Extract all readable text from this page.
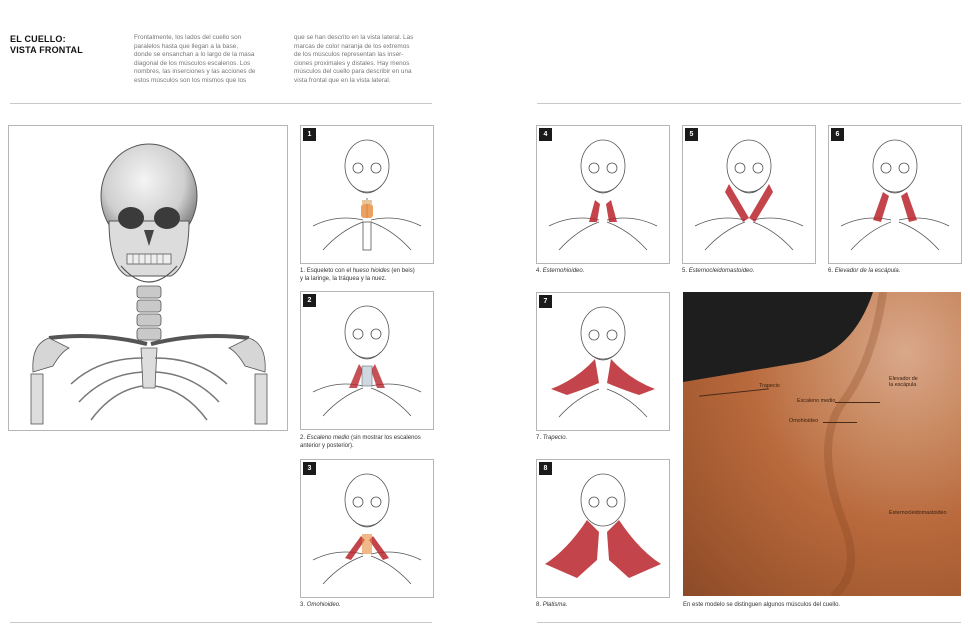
EL CUELLO:
VISTA FRONTAL
Frontalmente, los lados del cuello son
paralelos hasta que llegan a la base,
donde se ensanchan a lo largo de la masa
diagonal de los músculos escalenos. Los
nombres, las inserciones y las acciones de
estos músculos son los mismos que los
que se han descrito en la vista lateral. Las
marcas de color naranja de los extremos
de los músculos representan las inser-
ciones proximales y distales. Hay menos
músculos del cuello para describir en una
vista frontal que en la vista lateral.
1
1. Esqueleto con el hueso hioides (en beis)
y la laringe, la tráquea y la nuez.
2
2. Escaleno medio (sin mostrar los escalenos
anterior y posterior).
3
3. Omohioideo.
4
4. Esternohioideo.
5
5. Esternocleidomastoideo.
6
6. Elevador de la escápula.
7
7. Trapecio.
8
8. Platisma.
Trapecio
Escaleno medio
Omohioideo
Elevador de
la escápula
Esternocleidomastoideo
En este modelo se distinguen algunos músculos del cuello.
